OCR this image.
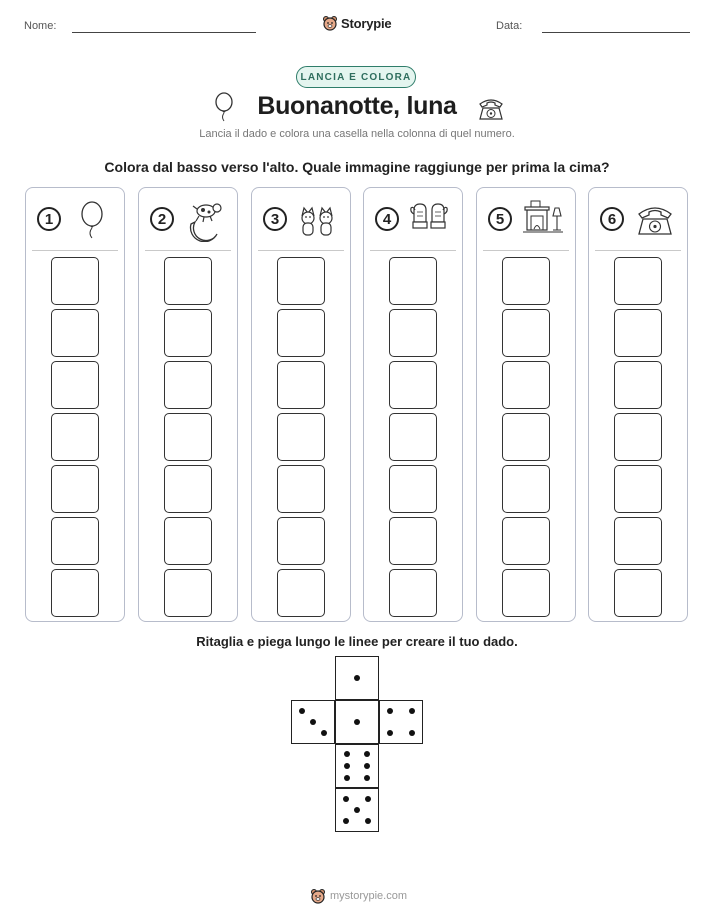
Nome:	Storypie	Data:
LANCIA E COLORA
Buonanotte, luna
Lancia il dado e colora una casella nella colonna di quel numero.
Colora dal basso verso l'alto. Quale immagine raggiunge per prima la cima?
1	2	3	4	5	6
Ritaglia e piega lungo le linee per creare il tuo dado.
mystorypie.com
